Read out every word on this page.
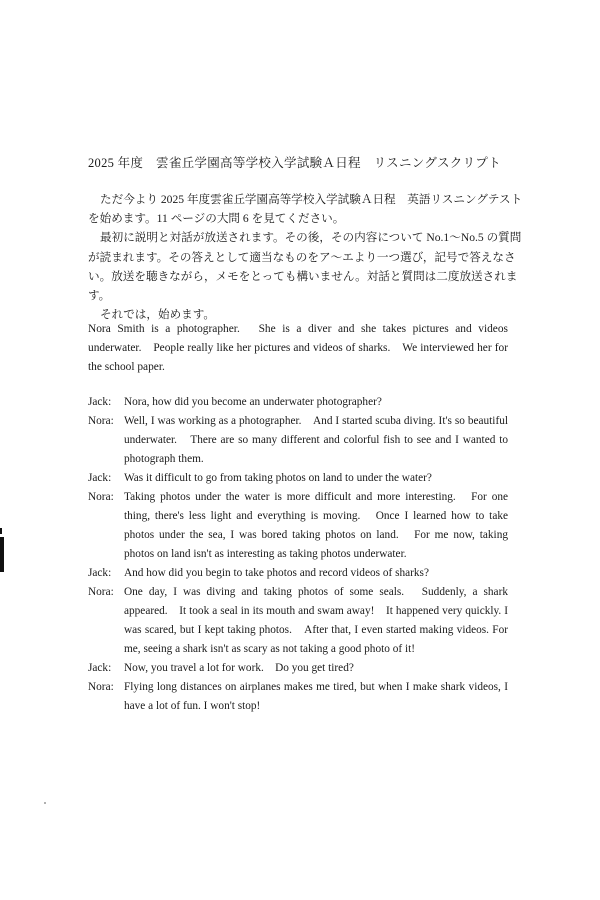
2025 年度　雲雀丘学園高等学校入学試験Ａ日程　リスニングスクリプト

ただ今より 2025 年度雲雀丘学園高等学校入学試験Ａ日程　英語リスニングテストを始めます。11 ページの大問 6 を見てください。

最初に説明と対話が放送されます。その後，その内容について No.1～No.5 の質問が読まれます。その答えとして適当なものをア～エより一つ選び，記号で答えなさい。放送を聴きながら，メモをとっても構いません。対話と質問は二度放送されます。

それでは，始めます。

Nora Smith is a photographer.　She is a diver and she takes pictures and videos underwater.　People really like her pictures and videos of sharks.　We interviewed her for the school paper.
Jack:	Nora, how did you become an underwater photographer?
Nora: Well, I was working as a photographer.　And I started scuba diving. It's so beautiful underwater.　There are so many different and colorful fish to see and I wanted to photograph them.
Jack:	Was it difficult to go from taking photos on land to under the water?
Nora: Taking photos under the water is more difficult and more interesting.　For one thing, there's less light and everything is moving.　Once I learned how to take photos under the sea, I was bored taking photos on land.　For me now, taking photos on land isn't as interesting as taking photos underwater.
Jack:	And how did you begin to take photos and record videos of sharks?
Nora: One day, I was diving and taking photos of some seals.　Suddenly, a shark appeared.　It took a seal in its mouth and swam away!　It happened very quickly. I was scared, but I kept taking photos.　After that, I even started making videos. For me, seeing a shark isn't as scary as not taking a good photo of it!
Jack:	Now, you travel a lot for work.　Do you get tired?
Nora: Flying long distances on airplanes makes me tired, but when I make shark videos, I have a lot of fun. I won't stop!
